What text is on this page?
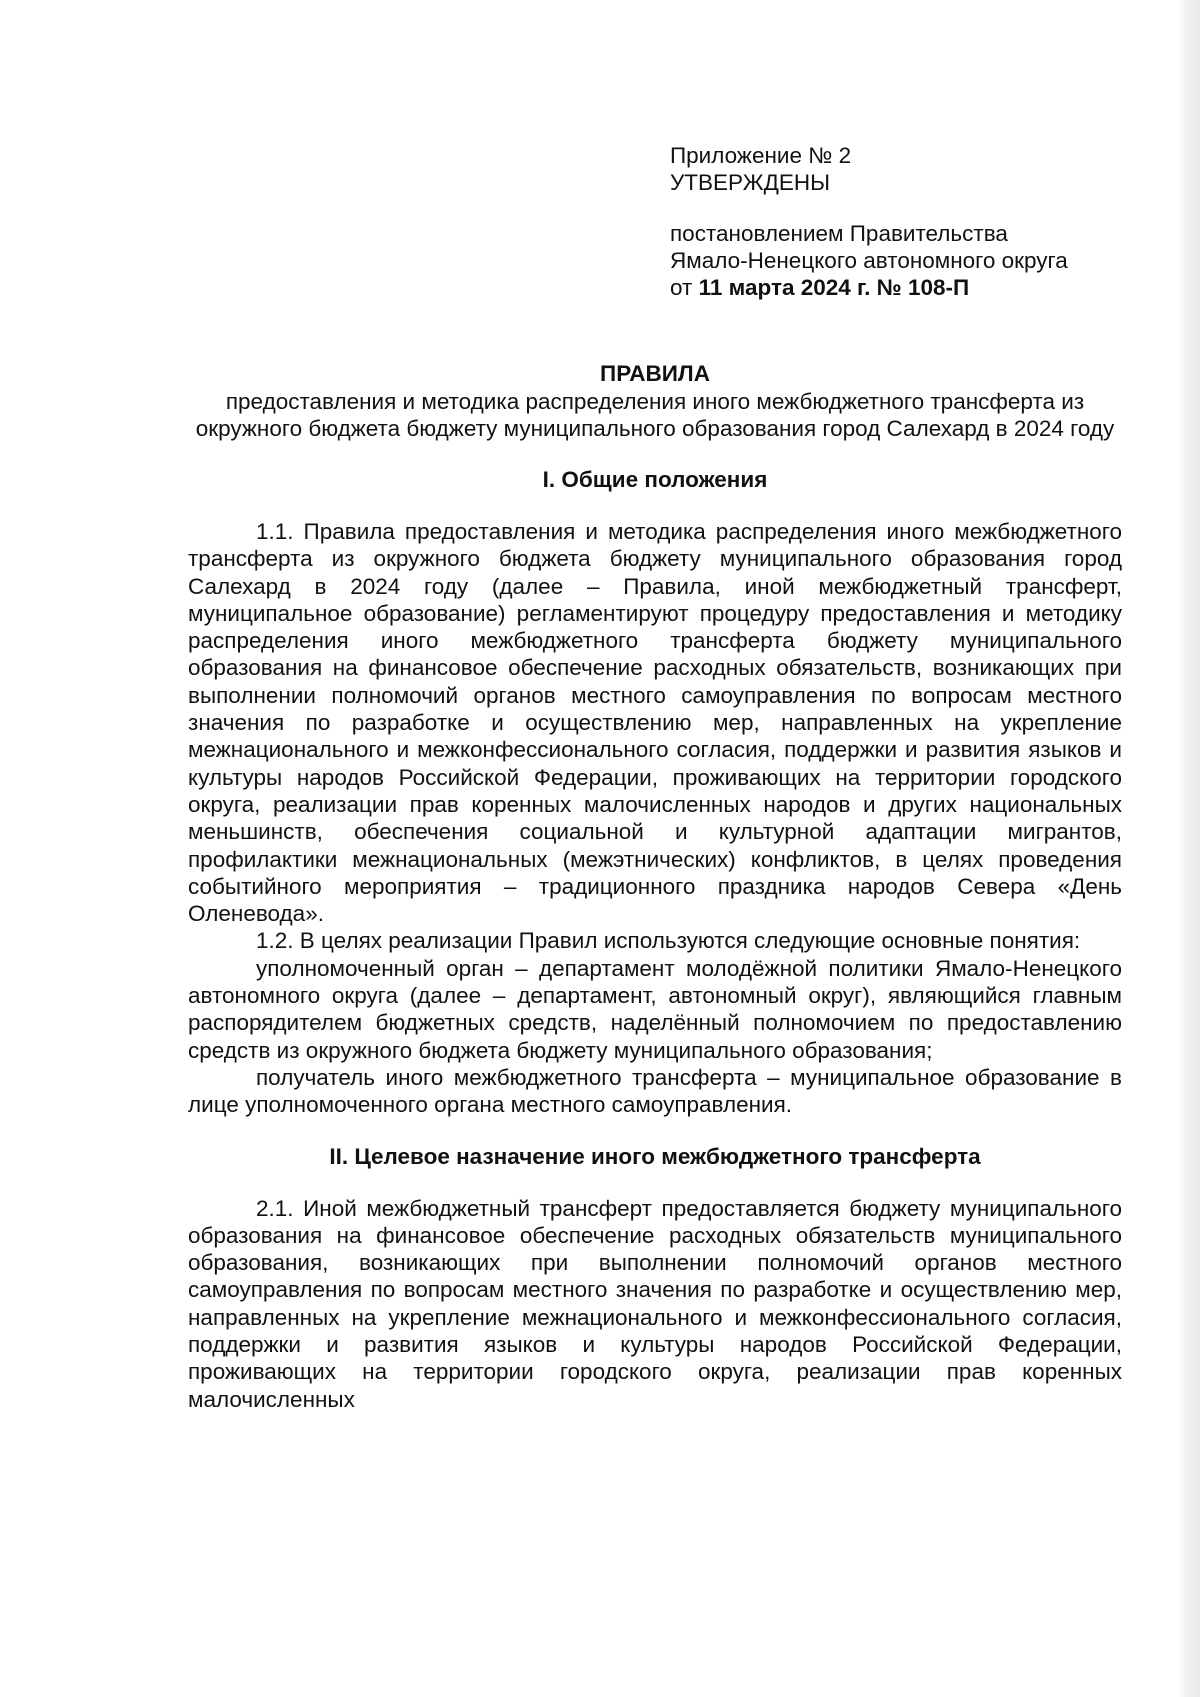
Приложение № 2
УТВЕРЖДЕНЫ
постановлением Правительства
Ямало-Ненецкого автономного округа
от 11 марта 2024 г. № 108-П

ПРАВИЛА

предоставления и методика распределения иного межбюджетного трансферта из окружного бюджета бюджету муниципального образования город Салехард в 2024 году

I. Общие положения

1.1. Правила предоставления и методика распределения иного межбюджетного трансферта из окружного бюджета бюджету муниципального образования город Салехард в 2024 году (далее – Правила, иной межбюджетный трансферт, муниципальное образование) регламентируют процедуру предоставления и методику распределения иного межбюджетного трансферта бюджету муниципального образования на финансовое обеспечение расходных обязательств, возникающих при выполнении полномочий органов местного самоуправления по вопросам местного значения по разработке и осуществлению мер, направленных на укрепление межнационального и межконфессионального согласия, поддержки и развития языков и культуры народов Российской Федерации, проживающих на территории городского округа, реализации прав коренных малочисленных народов и других национальных меньшинств, обеспечения социальной и культурной адаптации мигрантов, профилактики межнациональных (межэтнических) конфликтов, в целях проведения событийного мероприятия – традиционного праздника народов Севера «День Оленевода».

1.2. В целях реализации Правил используются следующие основные понятия:

уполномоченный орган – департамент молодёжной политики Ямало-Ненецкого автономного округа (далее – департамент, автономный округ), являющийся главным распорядителем бюджетных средств, наделённый полномочием по предоставлению средств из окружного бюджета бюджету муниципального образования;

получатель иного межбюджетного трансферта – муниципальное образование в лице уполномоченного органа местного самоуправления.

II. Целевое назначение иного межбюджетного трансферта

2.1. Иной межбюджетный трансферт предоставляется бюджету муниципального образования на финансовое обеспечение расходных обязательств муниципального образования, возникающих при выполнении полномочий органов местного самоуправления по вопросам местного значения по разработке и осуществлению мер, направленных на укрепление межнационального и межконфессионального согласия, поддержки и развития языков и культуры народов Российской Федерации, проживающих на территории городского округа, реализации прав коренных малочисленных
